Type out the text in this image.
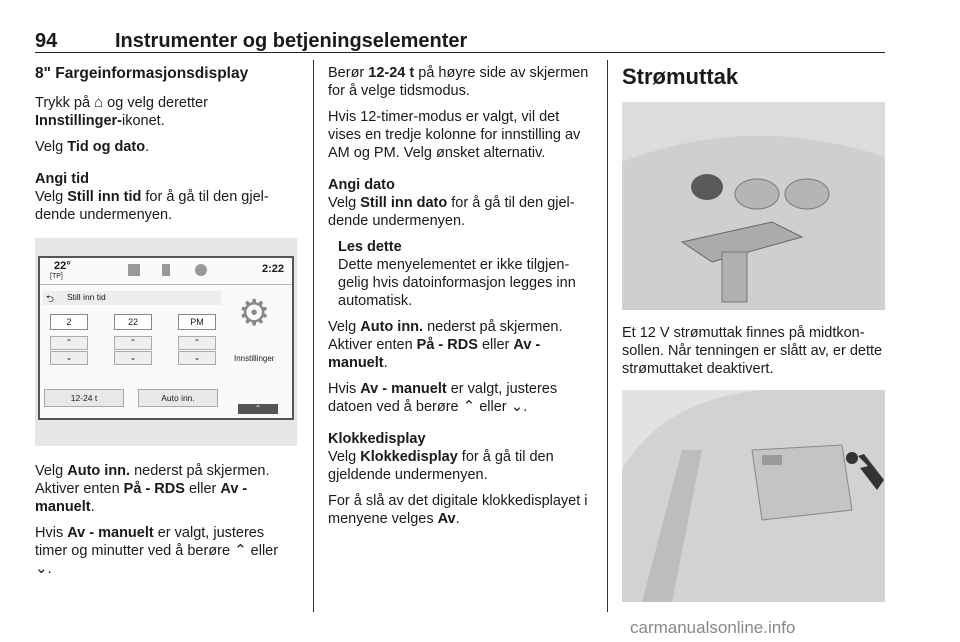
94	Instrumenter og betjeningselementer
8" Fargeinformasjonsdisplay

Trykk på ⌂ og velg deretter
Innstillinger-ikonet.

Velg Tid og dato.

Angi tid

Velg Still inn tid for å gå til den gjeldende undermenyen.

22°
[TP]
2:22
⮌ Still inn tid
2	22	PM
⌃
⌄
⌃
⌄
⌃
⌄
12-24 t	Auto inn.
⚙
Innstillinger
⌃

Velg Auto inn. nederst på skjermen. Aktiver enten På - RDS eller Av - manuelt.

Hvis Av - manuelt er valgt, justeres timer og minutter ved å berøre ⌃ eller ⌄.

Berør 12-24 t på høyre side av skjermen for å velge tidsmodus.

Hvis 12-timer-modus er valgt, vil det vises en tredje kolonne for innstilling av AM og PM. Velg ønsket alternativ.

Angi dato

Velg Still inn dato for å gå til den gjeldende undermenyen.

Les dette

Dette menyelementet er ikke tilgjengelig hvis datoinformasjon legges inn automatisk.

Velg Auto inn. nederst på skjermen. Aktiver enten På - RDS eller Av - manuelt.

Hvis Av - manuelt er valgt, justeres datoen ved å berøre ⌃ eller ⌄.

Klokkedisplay

Velg Klokkedisplay for å gå til den gjeldende undermenyen.

For å slå av det digitale klokkedisplayet i menyene velges Av.

Strømuttak

Et 12 V strømuttak finnes på midtkonsollen. Når tenningen er slått av, er dette strømuttaket deaktivert.

carmanualsonline.info
